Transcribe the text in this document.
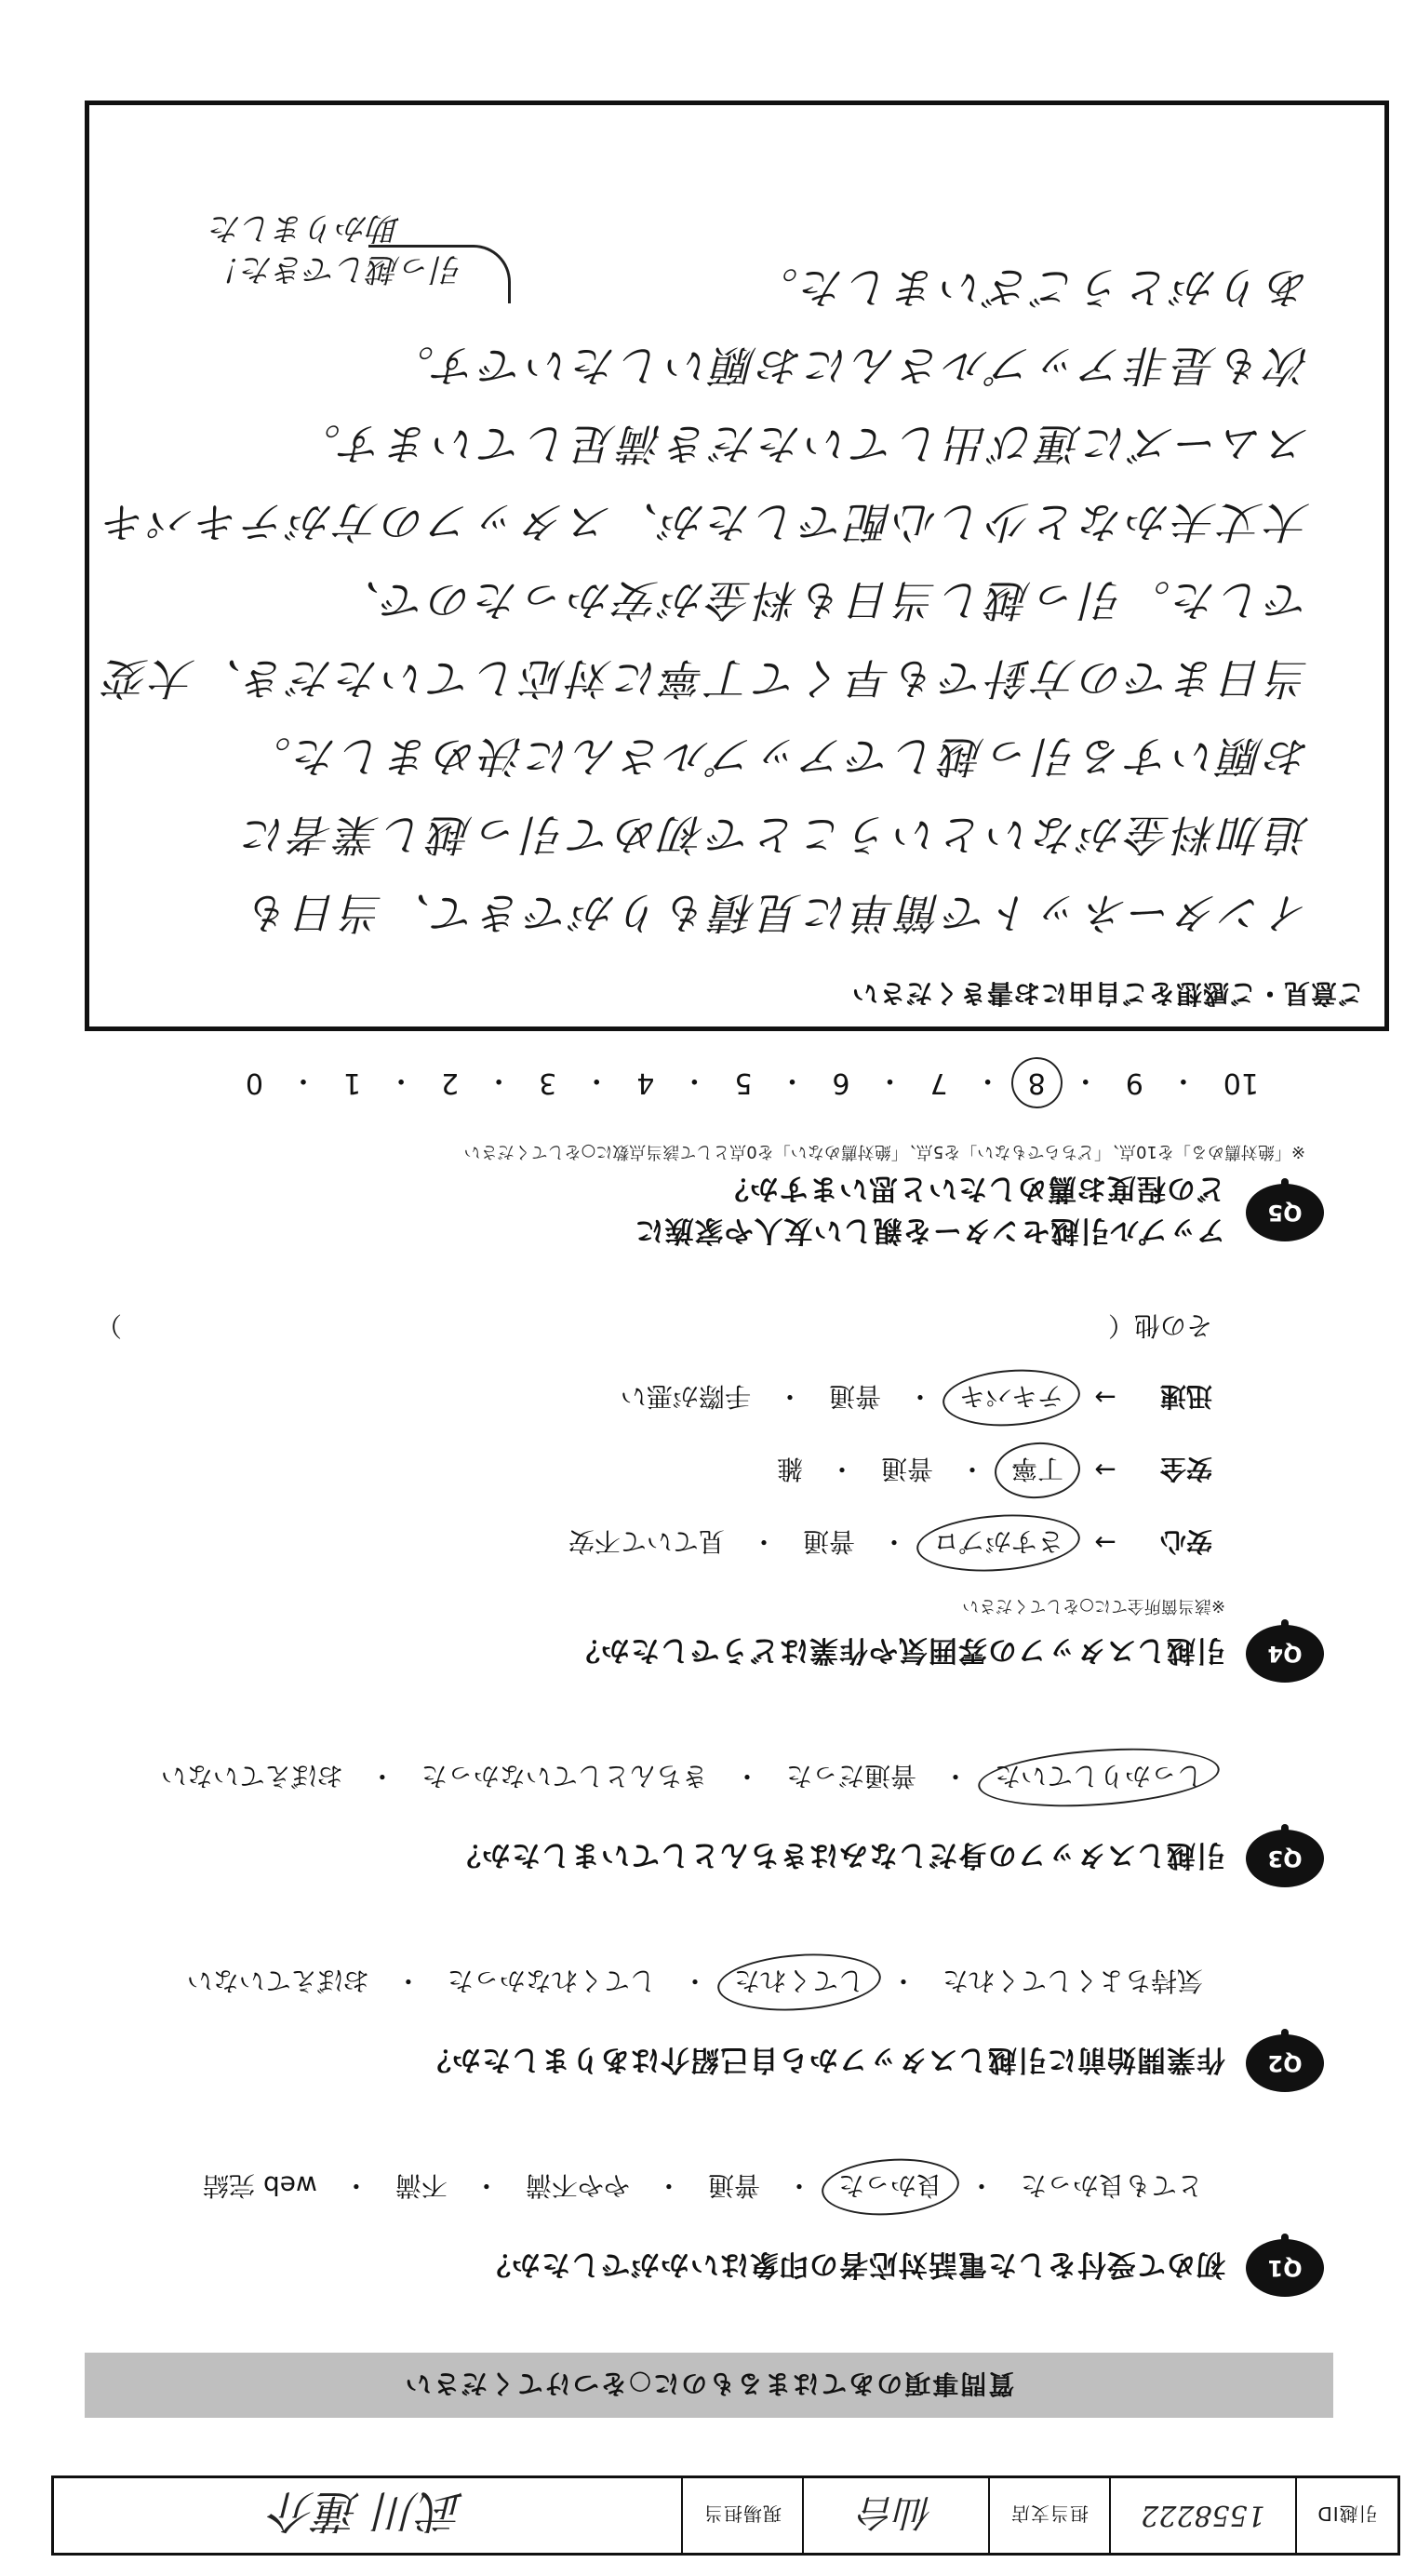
引越ID
1558222
担当支店
仙台
現場担当
武川 蓮介
質問事項のあてはまるものに○をつけてください
Q1
初めて受付をした電話対応者の印象はいかがでしたか？
とても良かった
・
良かった
・
普通
・
やや不満
・
不満
・
web 完結
Q2
作業開始前に引越しスタッフから自己紹介はありましたか？
気持ちよくしてくれた
・
してくれた
・
してくれなかった
・
おぼえていない
Q3
引越しスタッフの身だしなみはきちんとしていましたか？
しっかりしていた
・
普通だった
・
きちんとしていなかった
・
おぼえていない
Q4
引越しスタッフの雰囲気や作業はどうでしたか？
※該当箇所全てに○をしてください
安心
→
さすがプロ
・
普通
・
見ていて不安
安全
→
丁寧
・
普通
・
雑
迅速
→
テキパキ
・
普通
・
手際が悪い
その他（
）
Q5
アップル引越センターを親しい友人や家族に
どの程度お薦めしたいと思いますか？
※「絶対薦める」を10点、「どちらでもない」を5点、「絶対薦めない」を0点として該当点数に○をしてください
10
・
9
・
8
・
7
・
6
・
5
・
4
・
3
・
2
・
1
・
0
ご意見・ご感想をご自由にお書きください
インターネットで簡単に見積もりができて、当日も
追加料金がないということで初めて引っ越し業者に
お願いする引っ越しでアップルさんに決めました。
当日までの方針でも早くて丁寧に対応していただき、大変
でした。引っ越し当日も料金が安かったので、
大丈夫かなと少し心配でしたが、スタッフの方がテキパキ
スムーズに運び出していただき満足しています。
次も是非アップルさんにお願いしたいです。
ありがとうございました。
引っ越しできた！
助かりました
